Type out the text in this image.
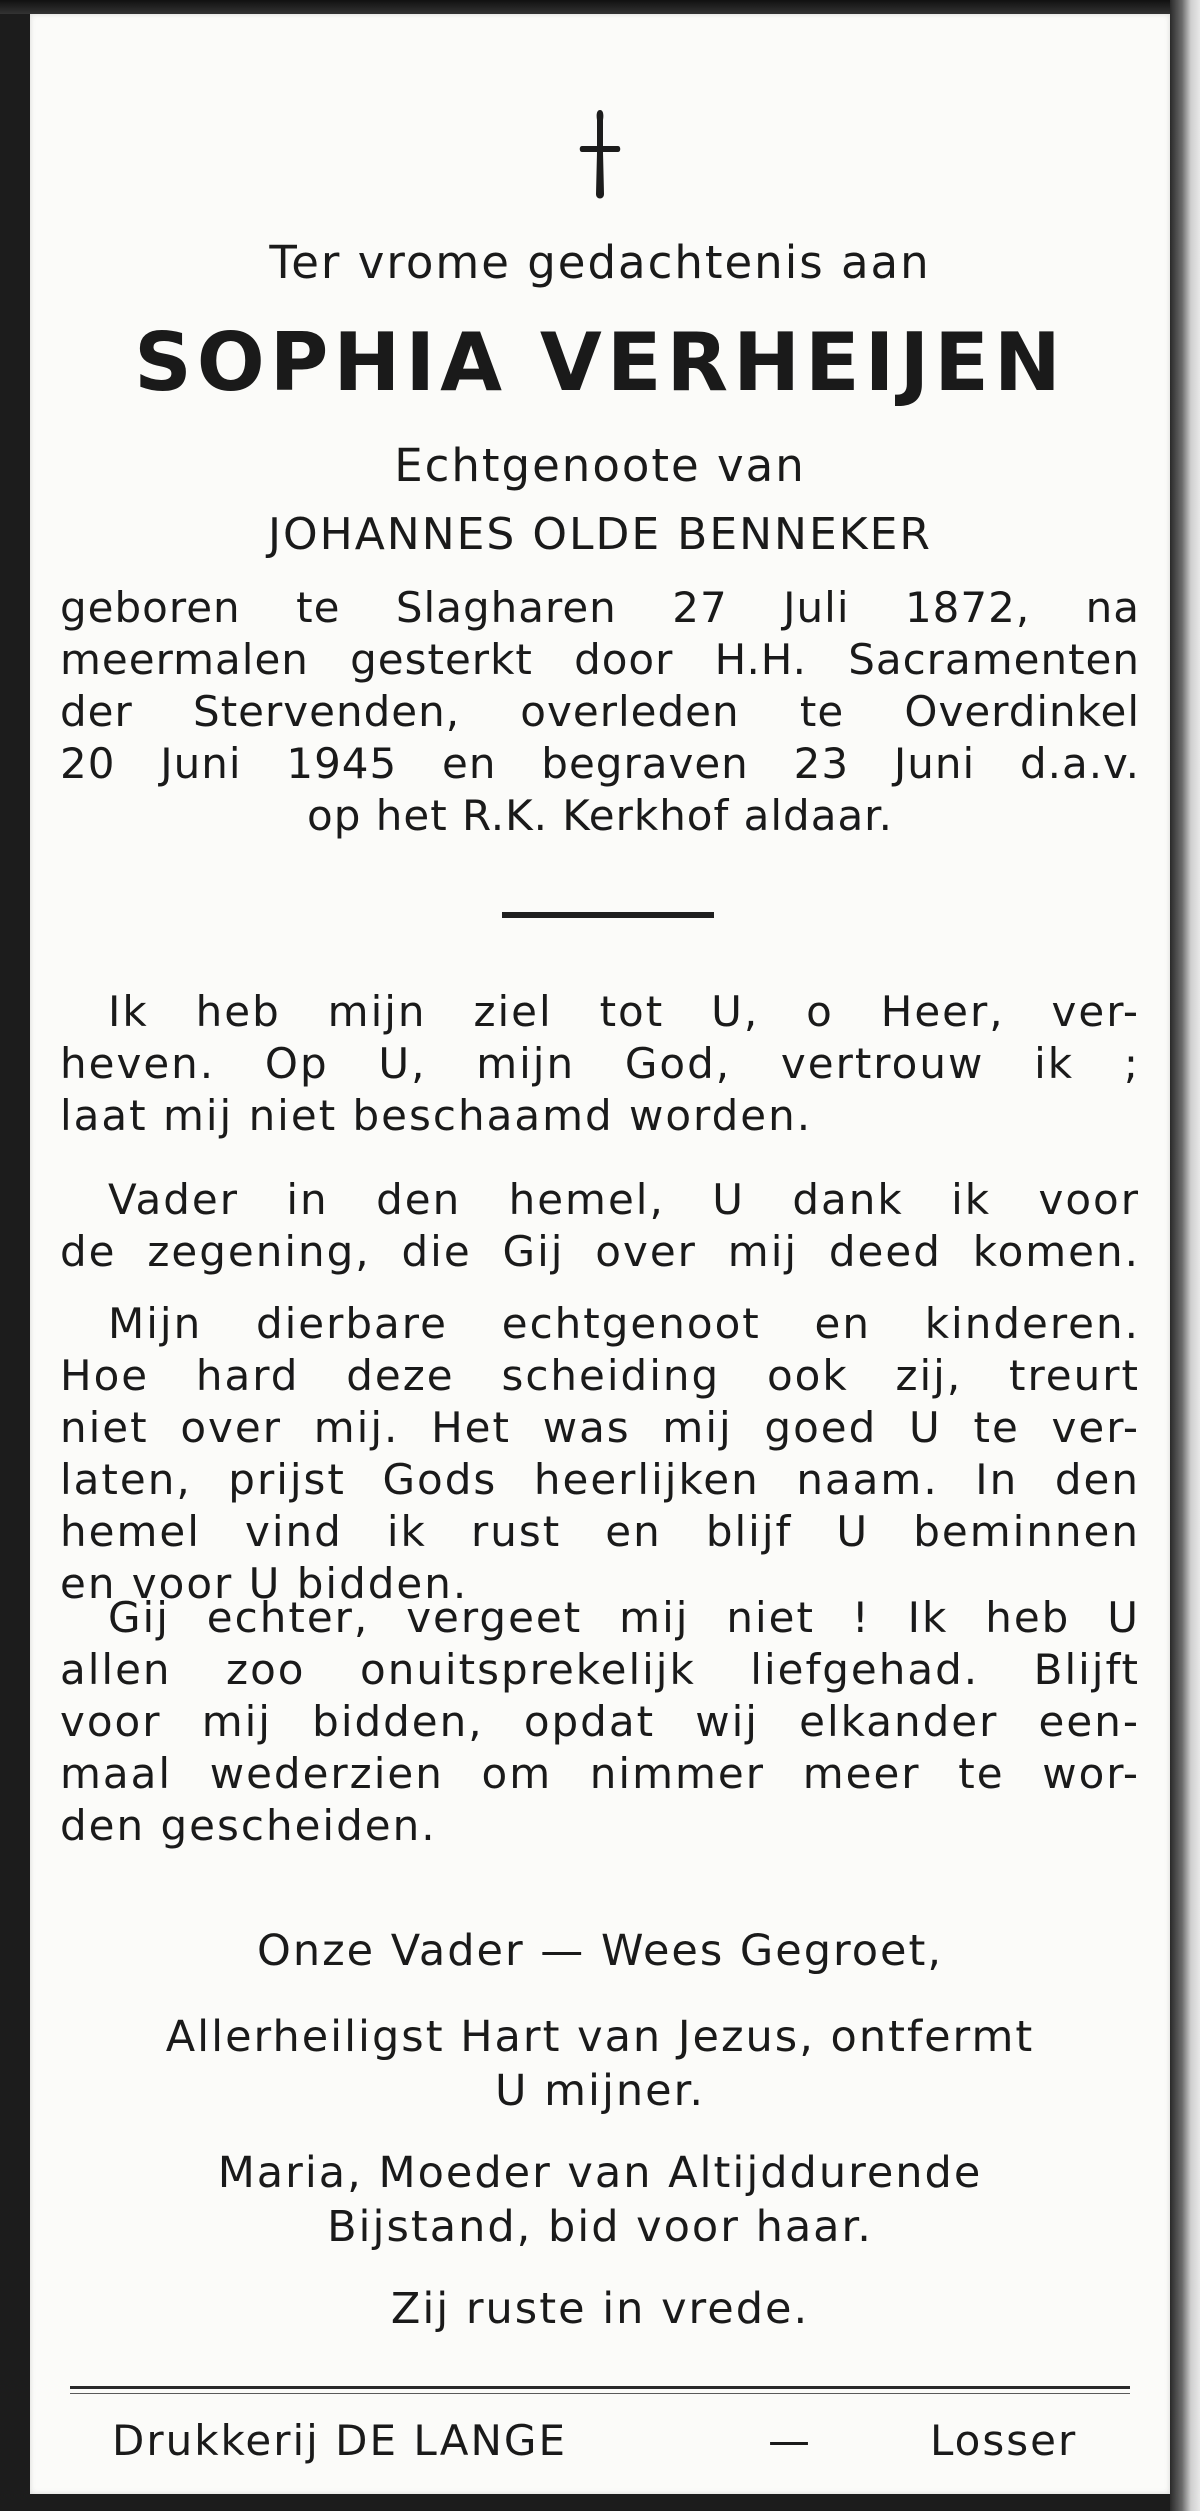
Ter vrome gedachtenis aan
SOPHIA VERHEIJEN
Echtgenoote van
JOHANNES OLDE BENNEKER
geboren te Slagharen 27 Juli 1872, na
meermalen gesterkt door H.H. Sacramenten
der Stervenden, overleden te Overdinkel
20 Juni 1945 en begraven 23 Juni d.a.v.
op het R.K. Kerkhof aldaar.
Ik heb mijn ziel tot U, o Heer, ver-
heven. Op U, mijn God, vertrouw ik ;
laat mij niet beschaamd worden.
Vader in den hemel, U dank ik voor
de zegening, die Gij over mij deed komen.
Mijn dierbare echtgenoot en kinderen.
Hoe hard deze scheiding ook zij, treurt
niet over mij. Het was mij goed U te ver-
laten, prijst Gods heerlijken naam. In den
hemel vind ik rust en blijf U beminnen
en voor U bidden.
Gij echter, vergeet mij niet ! Ik heb U
allen zoo onuitsprekelijk liefgehad. Blijft
voor mij bidden, opdat wij elkander een-
maal wederzien om nimmer meer te wor-
den gescheiden.
Onze Vader — Wees Gegroet,
Allerheiligst Hart van Jezus, ontfermt
U mijner.
Maria, Moeder van Altijddurende
Bijstand, bid voor haar.
Zij ruste in vrede.
Drukkerij DE LANGE	—	Losser
